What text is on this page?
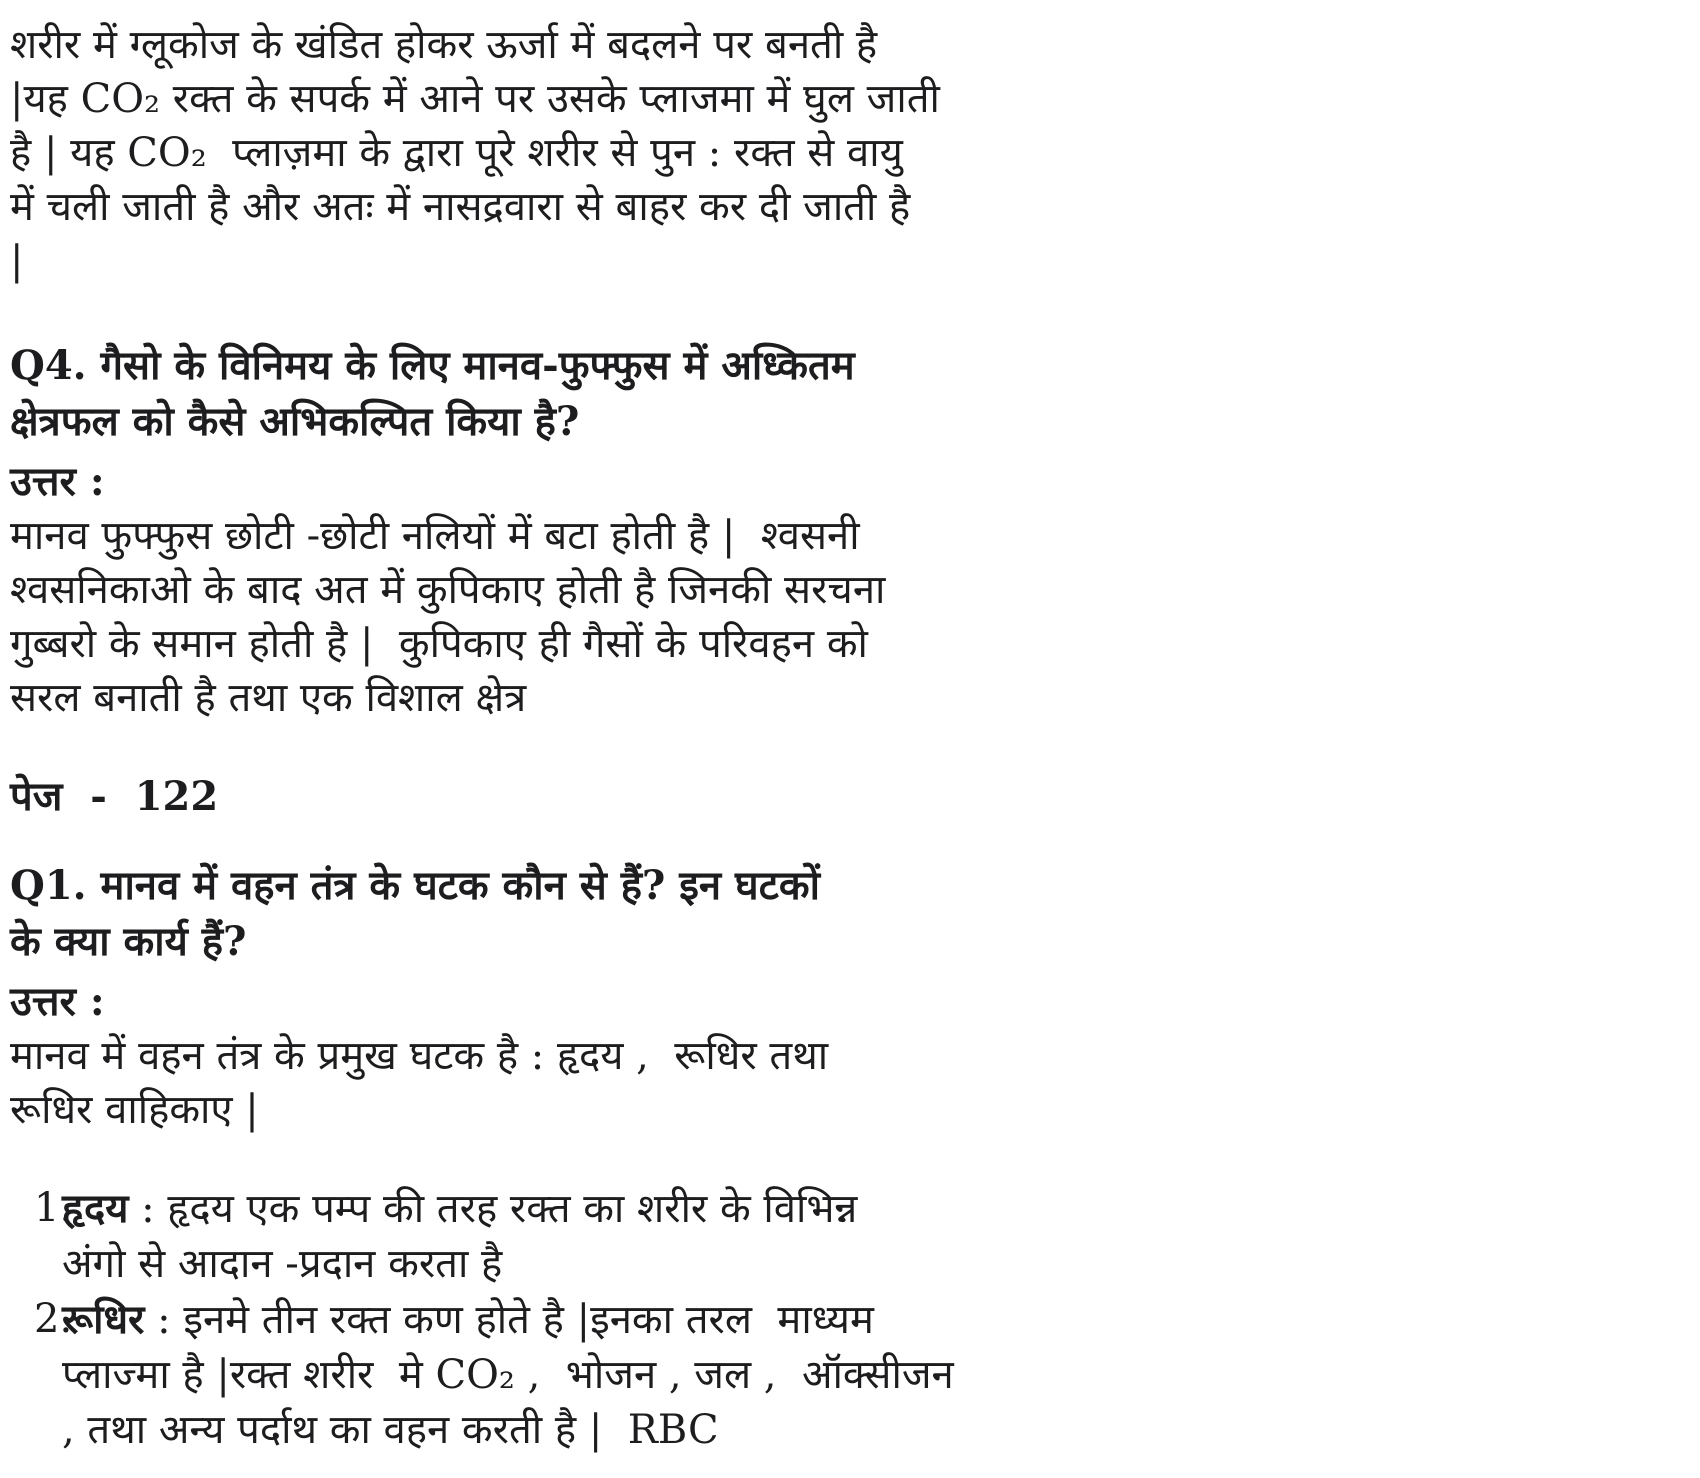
शरीर में ग्लूकोज के खंडित होकर ऊर्जा में बदलने पर बनती है
|यह CO₂ रक्त के सपर्क में आने पर उसके प्लाजमा में घुल जाती
है | यह CO₂  प्लाज़मा के द्वारा पूरे शरीर से पुन : रक्त से वायु
में चली जाती है और अतः में नासद्रवारा से बाहर कर दी जाती है
|
Q4. गैसो के विनिमय के लिए मानव-फुफ्फुस में अध्कितम
क्षेत्रफल को कैसे अभिकल्पित किया है?
उत्तर :
मानव फुफ्फुस छोटी -छोटी नलियों में बटा होती है |  श्वसनी
श्वसनिकाओ के बाद अत में कुपिकाए होती है जिनकी सरचना
गुब्बरो के समान होती है |  कुपिकाए ही गैसों के परिवहन को
सरल बनाती है तथा एक विशाल क्षेत्र
पेज  -  122
Q1. मानव में वहन तंत्र के घटक कौन से हैं? इन घटकों
के क्या कार्य हैं?
उत्तर :
मानव में वहन तंत्र के प्रमुख घटक है : हृदय ,  रूधिर तथा
रूधिर वाहिकाए |
1.
हृदय : हृदय एक पम्प की तरह रक्त का शरीर के विभिन्न
अंगो से आदान -प्रदान करता है
2.
रूधिर : इनमे तीन रक्त कण होते है |इनका तरल  माध्यम
प्लाज्मा है |रक्त शरीर  मे CO₂ ,  भोजन , जल ,  ऑक्सीजन
, तथा अन्य पर्दाथ का वहन करती है |  RBC
